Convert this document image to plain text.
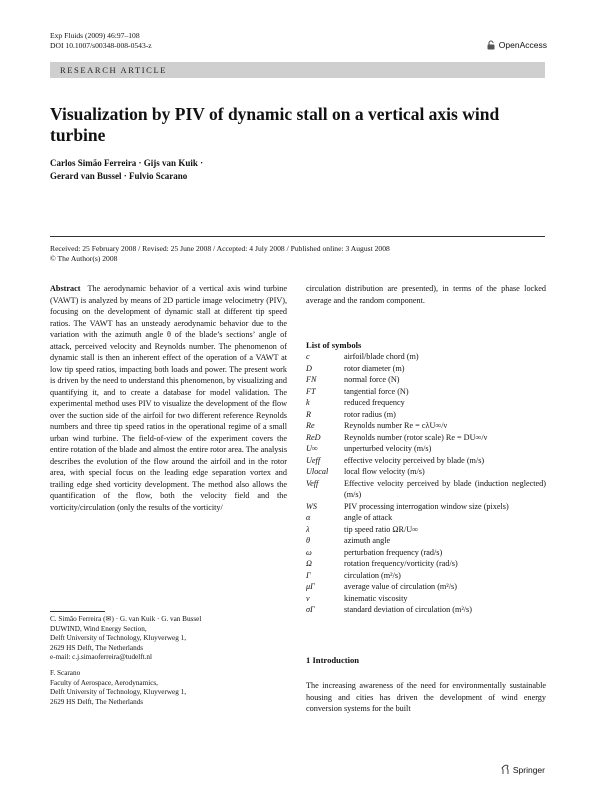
Exp Fluids (2009) 46:97–108
DOI 10.1007/s00348-008-0543-z	OpenAccess
RESEARCH ARTICLE
Visualization by PIV of dynamic stall on a vertical axis wind turbine
Carlos Simão Ferreira · Gijs van Kuik ·
Gerard van Bussel · Fulvio Scarano
Received: 25 February 2008 / Revised: 25 June 2008 / Accepted: 4 July 2008 / Published online: 3 August 2008
© The Author(s) 2008
Abstract The aerodynamic behavior of a vertical axis wind turbine (VAWT) is analyzed by means of 2D particle image velocimetry (PIV), focusing on the development of dynamic stall at different tip speed ratios. The VAWT has an unsteady aerodynamic behavior due to the variation with the azimuth angle θ of the blade’s sections’ angle of attack, perceived velocity and Reynolds number. The phenomenon of dynamic stall is then an inherent effect of the operation of a VAWT at low tip speed ratios, impacting both loads and power. The present work is driven by the need to understand this phenomenon, by visualizing and quantifying it, and to create a database for model validation. The experimental method uses PIV to visualize the development of the flow over the suction side of the airfoil for two different reference Reynolds numbers and three tip speed ratios in the operational regime of a small urban wind turbine. The field-of-view of the experiment covers the entire rotation of the blade and almost the entire rotor area. The analysis describes the evolution of the flow around the airfoil and in the rotor area, with special focus on the leading edge separation vortex and trailing edge shed vorticity development. The method also allows the quantification of the flow, both the velocity field and the vorticity/circulation (only the results of the vorticity/
circulation distribution are presented), in terms of the phase locked average and the random component.
List of symbols
c	airfoil/blade chord (m)
D	rotor diameter (m)
FN	normal force (N)
FT	tangential force (N)
k	reduced frequency
R	rotor radius (m)
Re	Reynolds number Re = cλU∞/ν
ReD	Reynolds number (rotor scale) Re = DU∞/ν
U∞	unperturbed velocity (m/s)
Ueff	effective velocity perceived by blade (m/s)
Ulocal	local flow velocity (m/s)
Veff	Effective velocity perceived by blade (induction neglected) (m/s)
WS	PIV processing interrogation window size (pixels)
α	angle of attack
λ	tip speed ratio ΩR/U∞
θ	azimuth angle
ω	perturbation frequency (rad/s)
Ω	rotation frequency/vorticity (rad/s)
Γ	circulation (m²/s)
μΓ	average value of circulation (m²/s)
ν	kinematic viscosity
σΓ	standard deviation of circulation (m²/s)
C. Simão Ferreira (✉) · G. van Kuik · G. van Bussel
DUWIND, Wind Energy Section,
Delft University of Technology, Kluyverweg 1,
2629 HS Delft, The Netherlands
e-mail: c.j.simaoferreira@tudelft.nl
F. Scarano
Faculty of Aerospace, Aerodynamics,
Delft University of Technology, Kluyverweg 1,
2629 HS Delft, The Netherlands
1 Introduction
The increasing awareness of the need for environmentally sustainable housing and cities has driven the development of wind energy conversion systems for the built
Springer
